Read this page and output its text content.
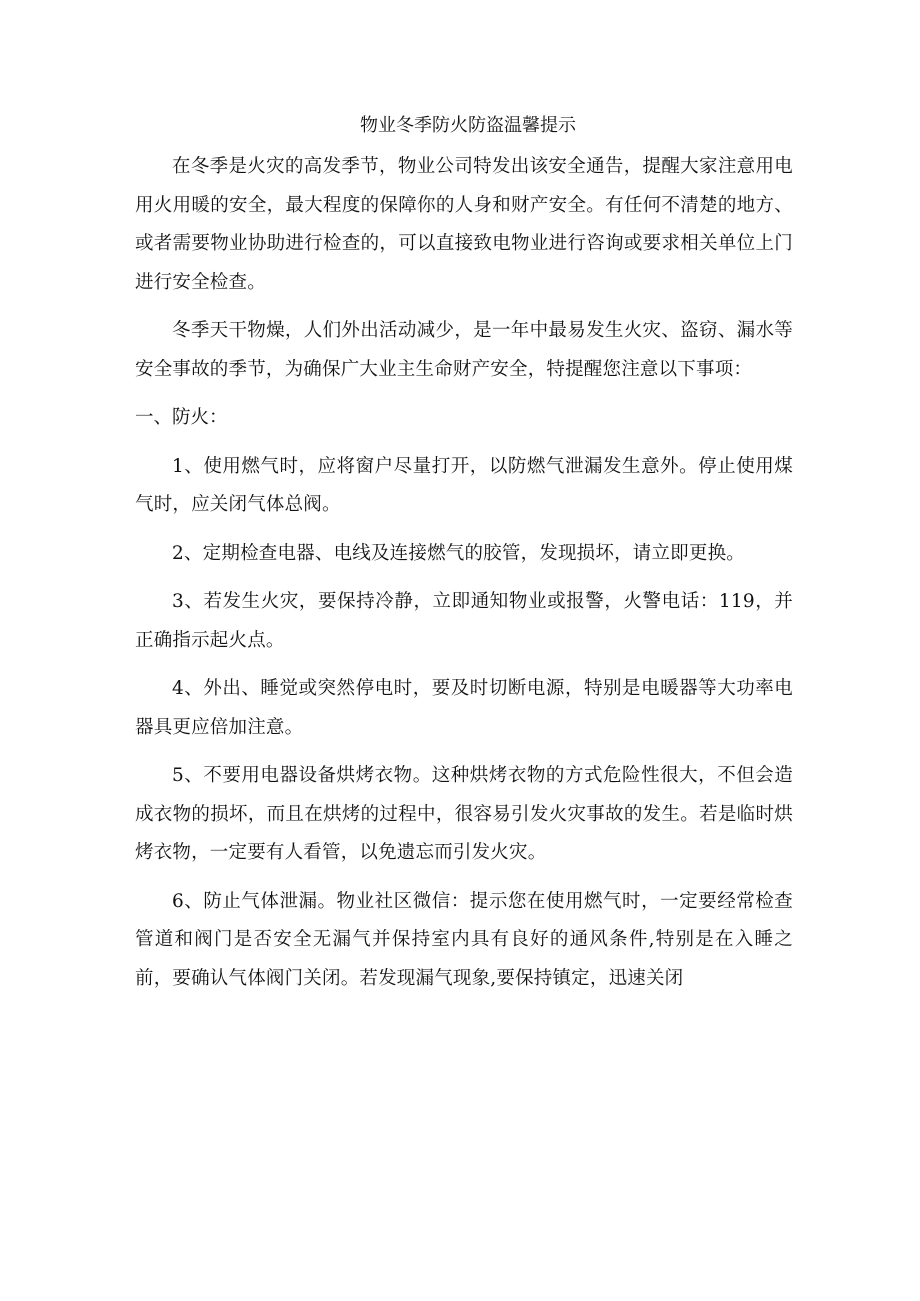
物业冬季防火防盗温馨提示

在冬季是火灾的高发季节，物业公司特发出该安全通告，提醒大家注意用电用火用暖的安全，最大程度的保障你的人身和财产安全。有任何不清楚的地方、或者需要物业协助进行检查的，可以直接致电物业进行咨询或要求相关单位上门进行安全检查。

冬季天干物燥，人们外出活动减少，是一年中最易发生火灾、盗窃、漏水等安全事故的季节，为确保广大业主生命财产安全，特提醒您注意以下事项：

一、防火：

1、使用燃气时，应将窗户尽量打开，以防燃气泄漏发生意外。停止使用煤气时，应关闭气体总阀。

2、定期检查电器、电线及连接燃气的胶管，发现损坏，请立即更换。

3、若发生火灾，要保持冷静，立即通知物业或报警，火警电话：119，并正确指示起火点。

4、外出、睡觉或突然停电时，要及时切断电源，特别是电暖器等大功率电器具更应倍加注意。

5、不要用电器设备烘烤衣物。这种烘烤衣物的方式危险性很大，不但会造成衣物的损坏，而且在烘烤的过程中，很容易引发火灾事故的发生。若是临时烘烤衣物，一定要有人看管，以免遗忘而引发火灾。

6、防止气体泄漏。物业社区微信：提示您在使用燃气时，一定要经常检查管道和阀门是否安全无漏气并保持室内具有良好的通风条件,特别是在入睡之前，要确认气体阀门关闭。若发现漏气现象,要保持镇定，迅速关闭
